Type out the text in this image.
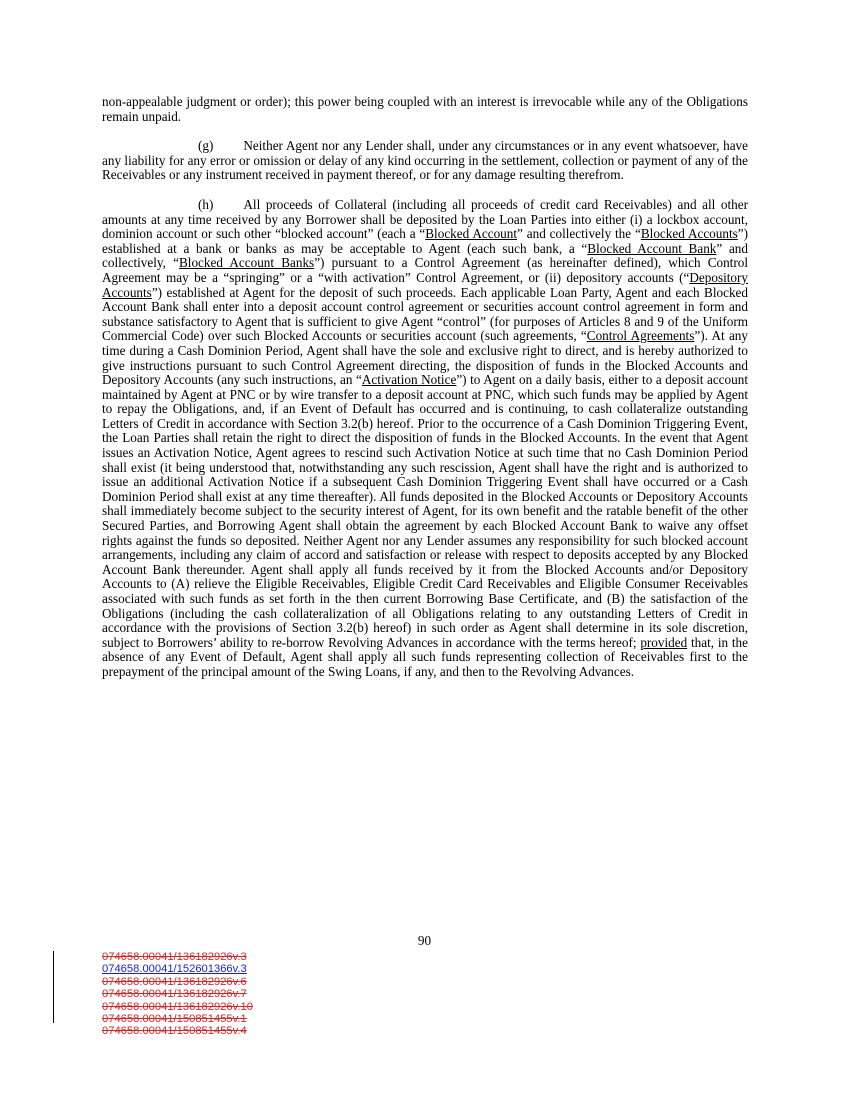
non-appealable judgment or order); this power being coupled with an interest is irrevocable while any of the Obligations remain unpaid.

(g) Neither Agent nor any Lender shall, under any circumstances or in any event whatsoever, have any liability for any error or omission or delay of any kind occurring in the settlement, collection or payment of any of the Receivables or any instrument received in payment thereof, or for any damage resulting therefrom.

(h) All proceeds of Collateral (including all proceeds of credit card Receivables) and all other amounts at any time received by any Borrower shall be deposited by the Loan Parties into either (i) a lockbox account, dominion account or such other “blocked account” (each a “Blocked Account” and collectively the “Blocked Accounts”) established at a bank or banks as may be acceptable to Agent (each such bank, a “Blocked Account Bank” and collectively, “Blocked Account Banks”) pursuant to a Control Agreement (as hereinafter defined), which Control Agreement may be a “springing” or a “with activation” Control Agreement, or (ii) depository accounts (“Depository Accounts”) established at Agent for the deposit of such proceeds. Each applicable Loan Party, Agent and each Blocked Account Bank shall enter into a deposit account control agreement or securities account control agreement in form and substance satisfactory to Agent that is sufficient to give Agent “control” (for purposes of Articles 8 and 9 of the Uniform Commercial Code) over such Blocked Accounts or securities account (such agreements, “Control Agreements”). At any time during a Cash Dominion Period, Agent shall have the sole and exclusive right to direct, and is hereby authorized to give instructions pursuant to such Control Agreement directing, the disposition of funds in the Blocked Accounts and Depository Accounts (any such instructions, an “Activation Notice”) to Agent on a daily basis, either to a deposit account maintained by Agent at PNC or by wire transfer to a deposit account at PNC, which such funds may be applied by Agent to repay the Obligations, and, if an Event of Default has occurred and is continuing, to cash collateralize outstanding Letters of Credit in accordance with Section 3.2(b) hereof. Prior to the occurrence of a Cash Dominion Triggering Event, the Loan Parties shall retain the right to direct the disposition of funds in the Blocked Accounts. In the event that Agent issues an Activation Notice, Agent agrees to rescind such Activation Notice at such time that no Cash Dominion Period shall exist (it being understood that, notwithstanding any such rescission, Agent shall have the right and is authorized to issue an additional Activation Notice if a subsequent Cash Dominion Triggering Event shall have occurred or a Cash Dominion Period shall exist at any time thereafter). All funds deposited in the Blocked Accounts or Depository Accounts shall immediately become subject to the security interest of Agent, for its own benefit and the ratable benefit of the other Secured Parties, and Borrowing Agent shall obtain the agreement by each Blocked Account Bank to waive any offset rights against the funds so deposited. Neither Agent nor any Lender assumes any responsibility for such blocked account arrangements, including any claim of accord and satisfaction or release with respect to deposits accepted by any Blocked Account Bank thereunder. Agent shall apply all funds received by it from the Blocked Accounts and/or Depository Accounts to (A) relieve the Eligible Receivables, Eligible Credit Card Receivables and Eligible Consumer Receivables associated with such funds as set forth in the then current Borrowing Base Certificate, and (B) the satisfaction of the Obligations (including the cash collateralization of all Obligations relating to any outstanding Letters of Credit in accordance with the provisions of Section 3.2(b) hereof) in such order as Agent shall determine in its sole discretion, subject to Borrowers’ ability to re-borrow Revolving Advances in accordance with the terms hereof; provided that, in the absence of any Event of Default, Agent shall apply all such funds representing collection of Receivables first to the prepayment of the principal amount of the Swing Loans, if any, and then to the Revolving Advances.

90
074658.00041/136182926v.3
074658.00041/152601366v.3
074658.00041/136182926v.6
074658.00041/136182926v.7
074658.00041/136182926v.10
074658.00041/150851455v.1
074658.00041/150851455v.4
